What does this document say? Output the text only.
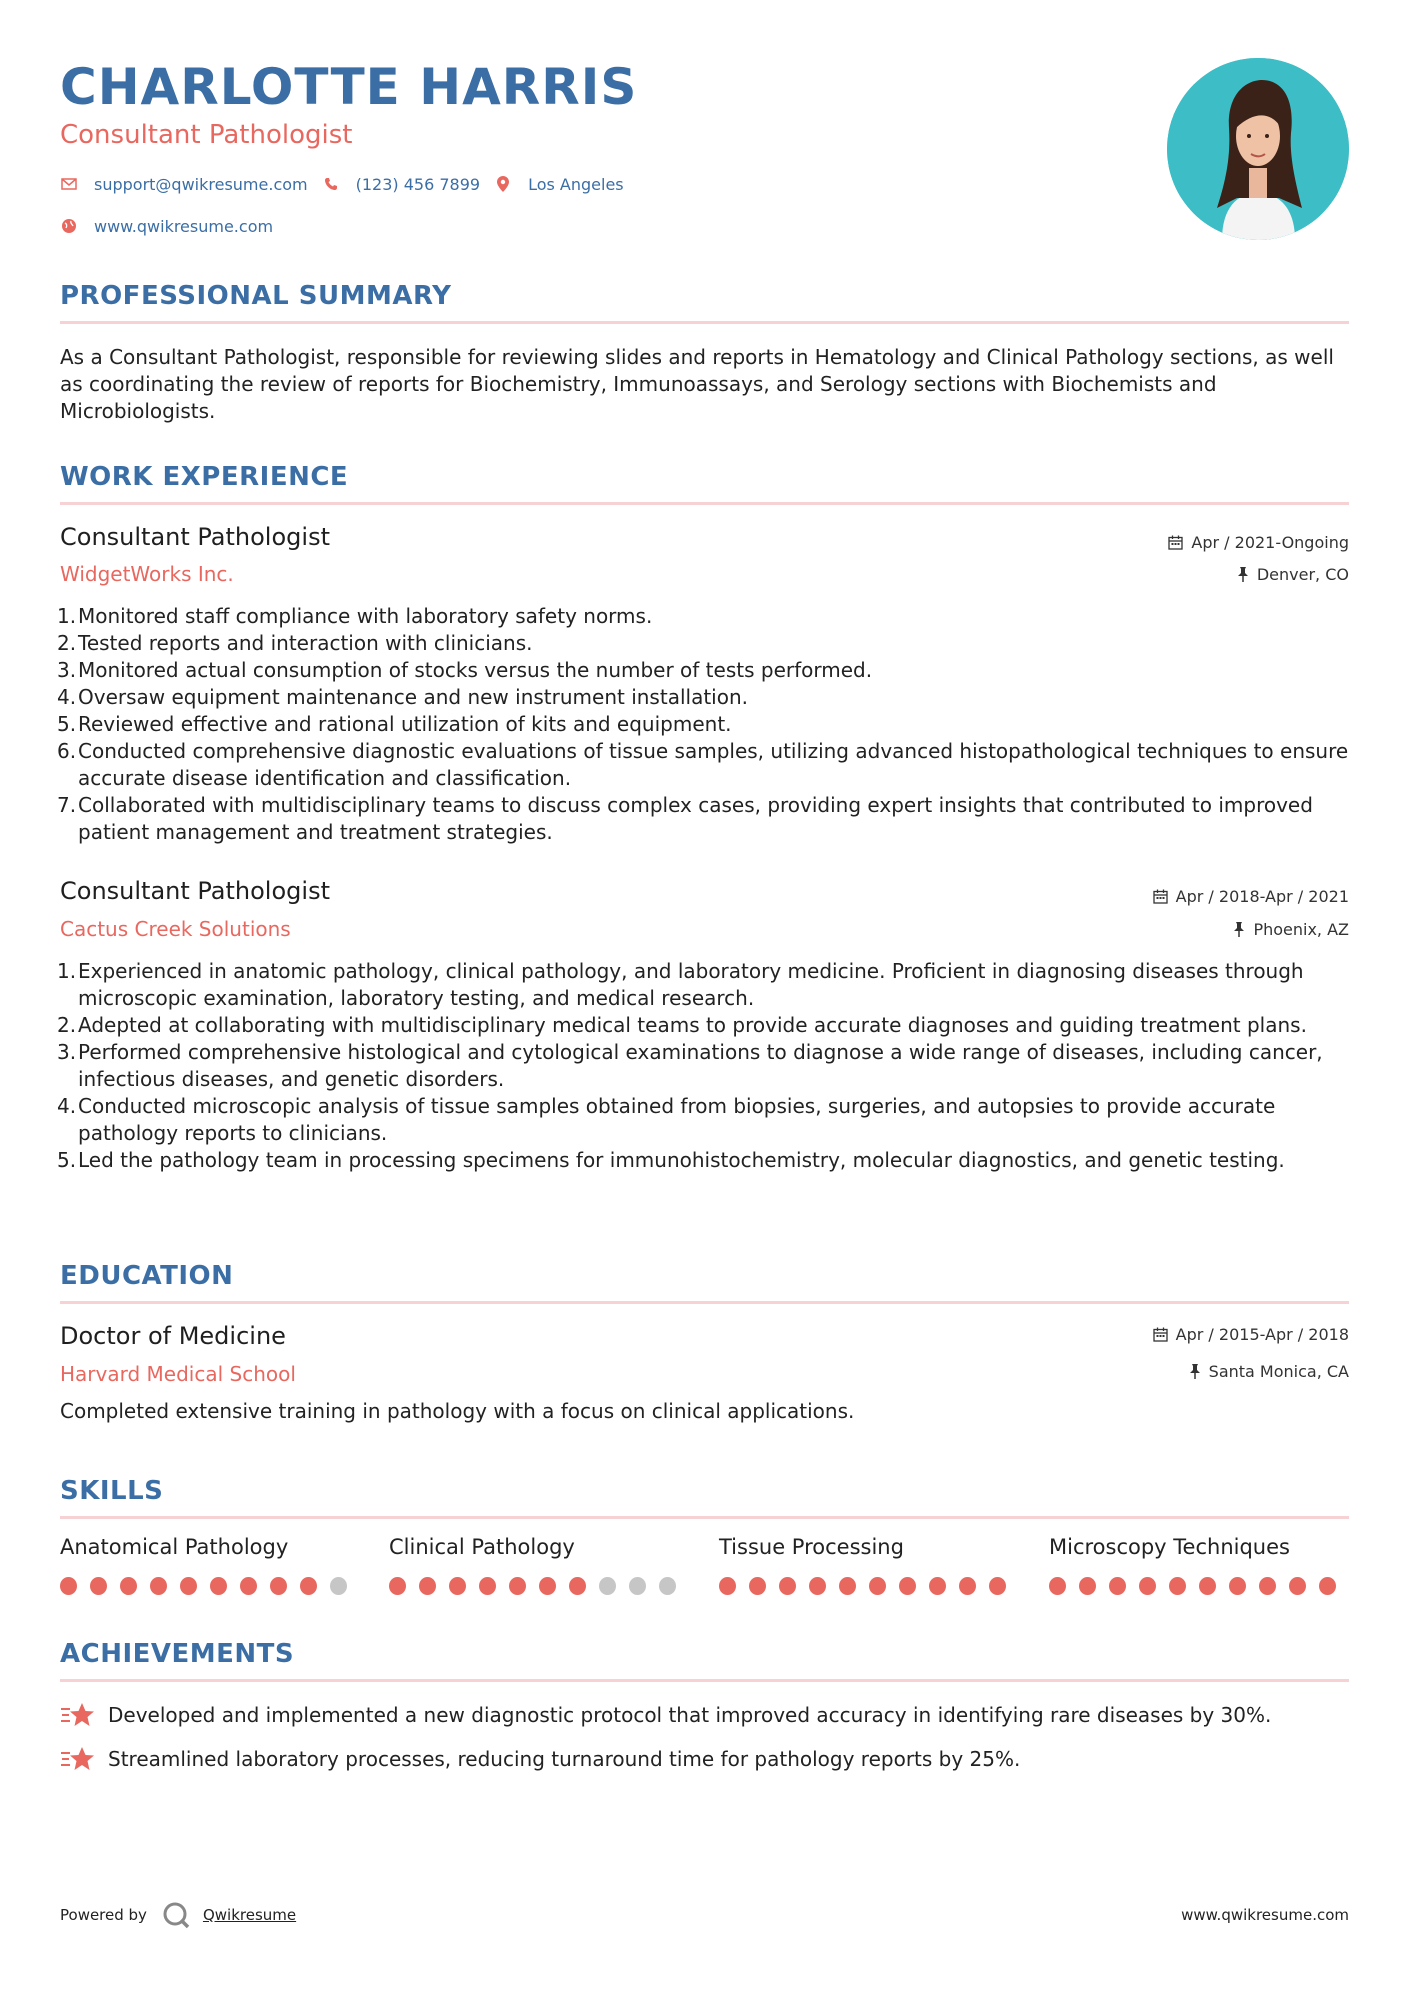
CHARLOTTE HARRIS
Consultant Pathologist
support@qwikresume.com	(123) 456 7899	Los Angeles
www.qwikresume.com
PROFESSIONAL SUMMARY
As a Consultant Pathologist, responsible for reviewing slides and reports in Hematology and Clinical Pathology sections, as well as coordinating the review of reports for Biochemistry, Immunoassays, and Serology sections with Biochemists and Microbiologists.
WORK EXPERIENCE
Consultant Pathologist
WidgetWorks Inc.
Apr / 2021-Ongoing
Denver, CO
1. Monitored staff compliance with laboratory safety norms.
2. Tested reports and interaction with clinicians.
3. Monitored actual consumption of stocks versus the number of tests performed.
4. Oversaw equipment maintenance and new instrument installation.
5. Reviewed effective and rational utilization of kits and equipment.
6. Conducted comprehensive diagnostic evaluations of tissue samples, utilizing advanced histopathological techniques to ensure accurate disease identification and classification.
7. Collaborated with multidisciplinary teams to discuss complex cases, providing expert insights that contributed to improved patient management and treatment strategies.
Consultant Pathologist
Cactus Creek Solutions
Apr / 2018-Apr / 2021
Phoenix, AZ
1. Experienced in anatomic pathology, clinical pathology, and laboratory medicine. Proficient in diagnosing diseases through microscopic examination, laboratory testing, and medical research.
2. Adepted at collaborating with multidisciplinary medical teams to provide accurate diagnoses and guiding treatment plans.
3. Performed comprehensive histological and cytological examinations to diagnose a wide range of diseases, including cancer, infectious diseases, and genetic disorders.
4. Conducted microscopic analysis of tissue samples obtained from biopsies, surgeries, and autopsies to provide accurate pathology reports to clinicians.
5. Led the pathology team in processing specimens for immunohistochemistry, molecular diagnostics, and genetic testing.
EDUCATION
Doctor of Medicine
Harvard Medical School
Apr / 2015-Apr / 2018
Santa Monica, CA
Completed extensive training in pathology with a focus on clinical applications.
SKILLS
Anatomical Pathology	Clinical Pathology	Tissue Processing	Microscopy Techniques
ACHIEVEMENTS
Developed and implemented a new diagnostic protocol that improved accuracy in identifying rare diseases by 30%.
Streamlined laboratory processes, reducing turnaround time for pathology reports by 25%.
Powered by	Qwikresume	www.qwikresume.com
